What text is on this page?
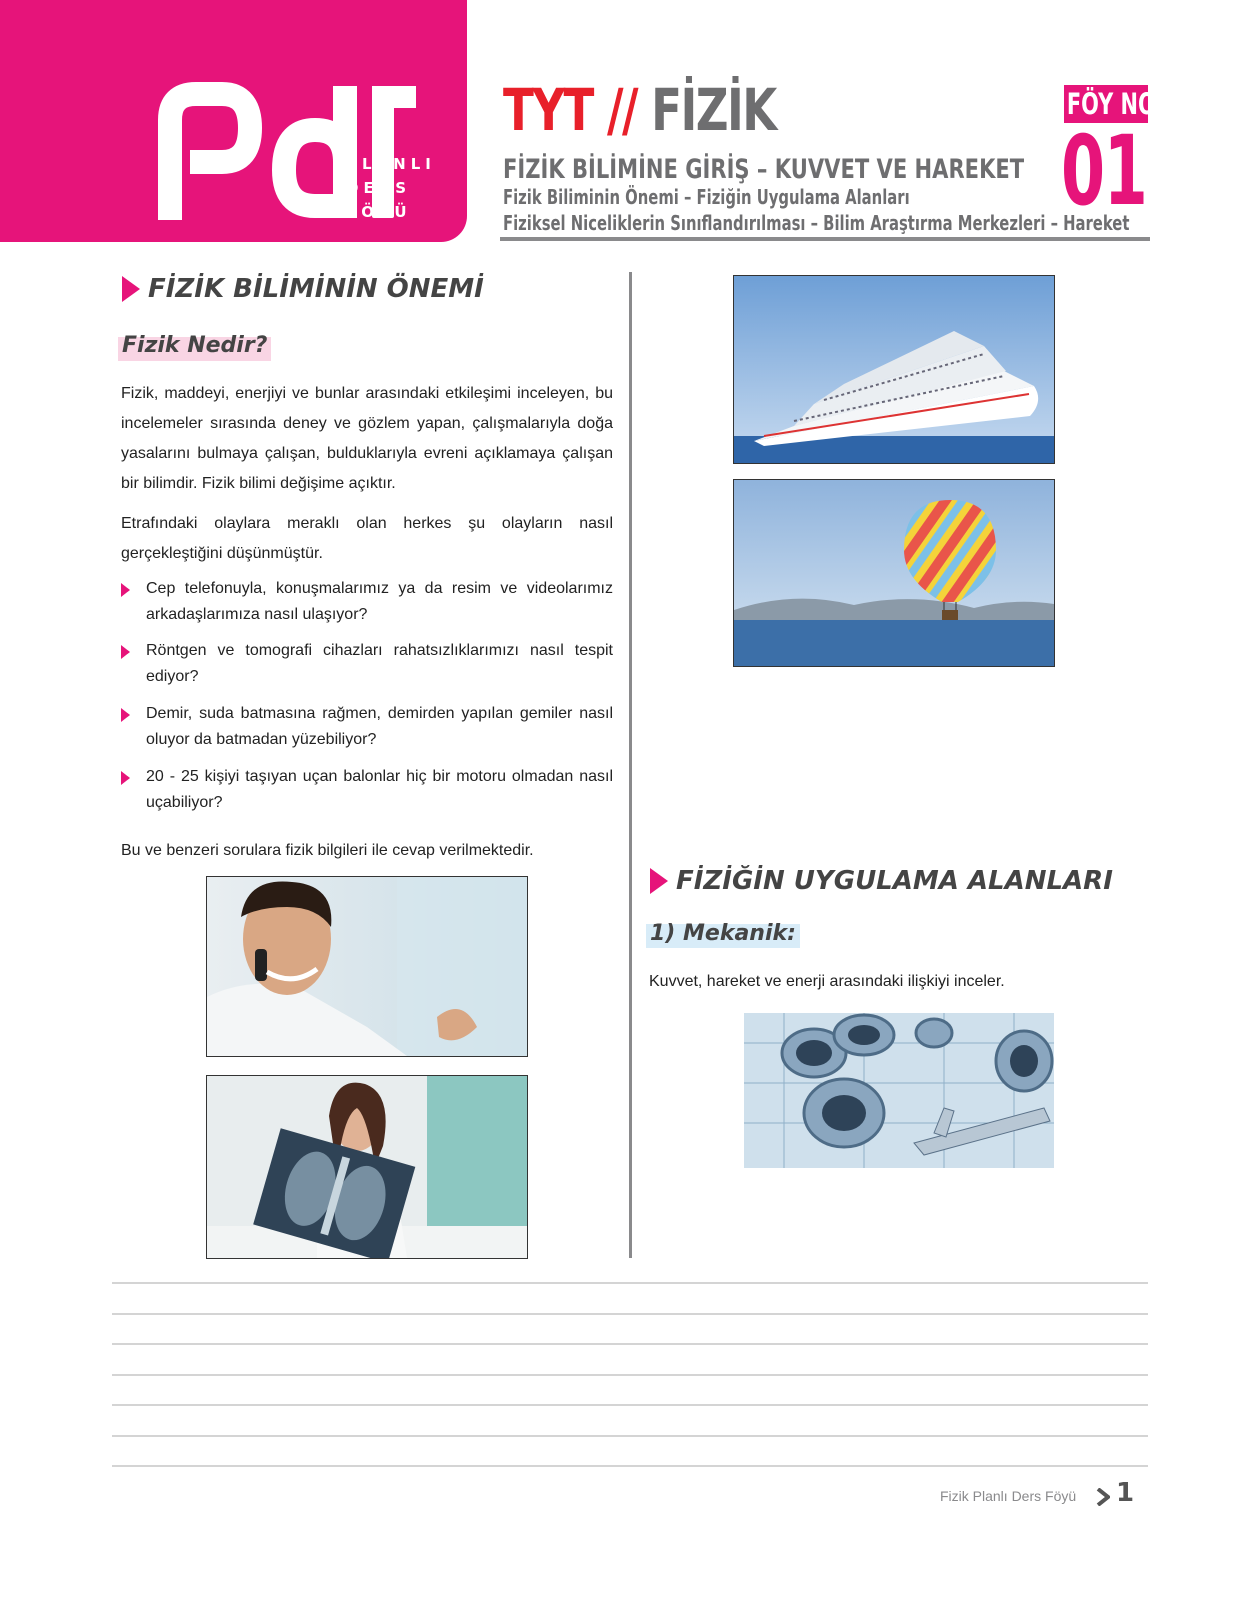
PLANLI
DERS
FÖYÜ
TYT // FİZİK
FİZİK BİLİMİNE GİRİŞ – KUVVET VE HAREKET
Fizik Biliminin Önemi – Fiziğin Uygulama Alanları
Fiziksel Niceliklerin Sınıflandırılması – Bilim Araştırma Merkezleri – Hareket
FÖY NO
01
FİZİK BİLİMİNİN ÖNEMİ
Fizik Nedir?
Fizik, maddeyi, enerjiyi ve bunlar arasındaki etkileşimi inceleyen, bu incelemeler sırasında deney ve gözlem yapan, çalışmalarıyla doğa yasalarını bulmaya çalışan, bulduklarıyla evreni açıklamaya çalışan bir bilimdir. Fizik bilimi değişime açıktır.
Etrafındaki olaylara meraklı olan herkes şu olayların nasıl gerçekleştiğini düşünmüştür.
Cep telefonuyla, konuşmalarımız ya da resim ve videolarımız arkadaşlarımıza nasıl ulaşıyor?
Röntgen ve tomografi cihazları rahatsızlıklarımızı nasıl tespit ediyor?
Demir, suda batmasına rağmen, demirden yapılan gemiler nasıl oluyor da batmadan yüzebiliyor?
20 - 25 kişiyi taşıyan uçan balonlar hiç bir motoru olmadan nasıl uçabiliyor?
Bu ve benzeri sorulara fizik bilgileri ile cevap verilmektedir.
FİZİĞİN UYGULAMA ALANLARI
1) Mekanik:
Kuvvet, hareket ve enerji arasındaki ilişkiyi inceler.
Fizik Planlı Ders Föyü 1
